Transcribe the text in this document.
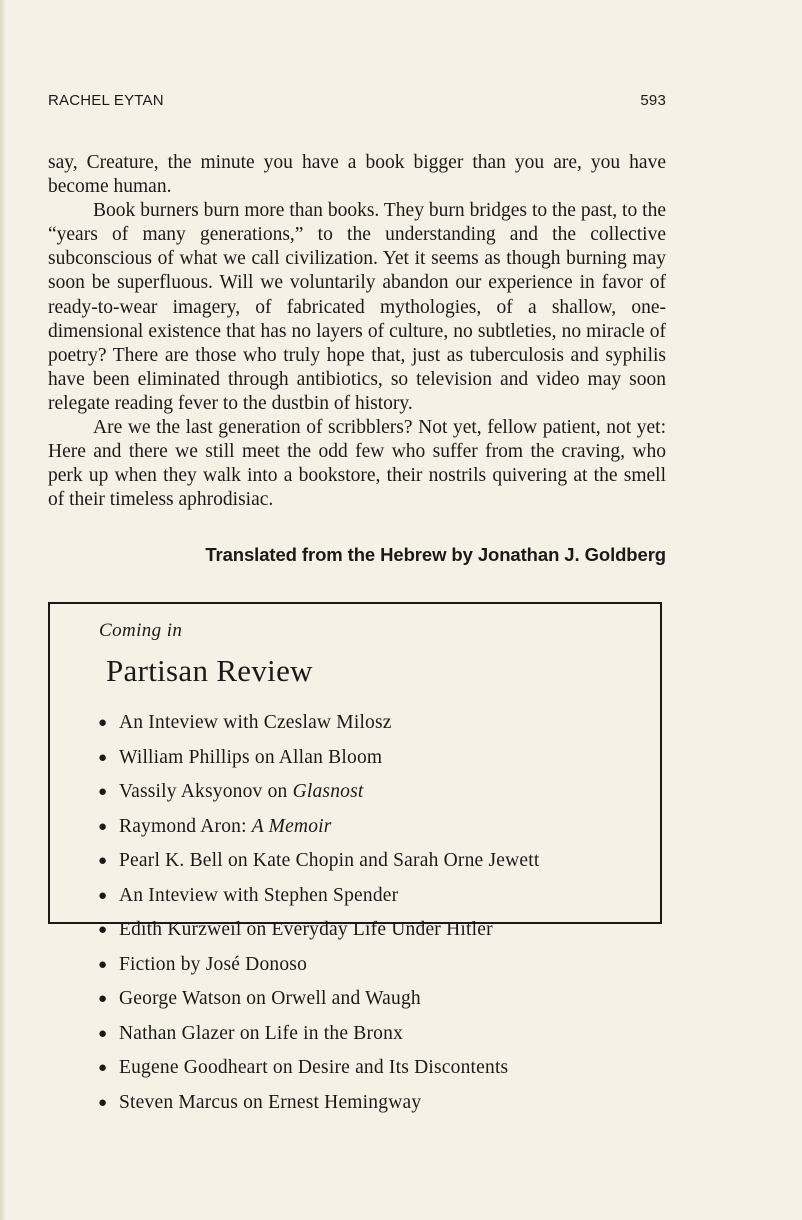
RACHEL EYTAN	593

say, Creature, the minute you have a book bigger than you are, you have become human.

Book burners burn more than books. They burn bridges to the past, to the “years of many generations,” to the understanding and the collective subconscious of what we call civilization. Yet it seems as though burning may soon be superfluous. Will we voluntarily abandon our experience in favor of ready-to-wear imagery, of fabricated mythologies, of a shallow, one-dimensional existence that has no layers of culture, no subtleties, no miracle of poetry? There are those who truly hope that, just as tuberculosis and syphilis have been eliminated through antibiotics, so television and video may soon relegate reading fever to the dustbin of history.

Are we the last generation of scribblers? Not yet, fellow patient, not yet: Here and there we still meet the odd few who suffer from the craving, who perk up when they walk into a bookstore, their nostrils quivering at the smell of their timeless aphrodisiac.

Translated from the Hebrew by Jonathan J. Goldberg
Coming in
Partisan Review
● An Inteview with Czeslaw Milosz
● William Phillips on Allan Bloom
● Vassily Aksyonov on Glasnost
● Raymond Aron: A Memoir
● Pearl K. Bell on Kate Chopin and Sarah Orne Jewett
● An Inteview with Stephen Spender
● Edith Kurzweil on Everyday Life Under Hitler
● Fiction by José Donoso
● George Watson on Orwell and Waugh
● Nathan Glazer on Life in the Bronx
● Eugene Goodheart on Desire and Its Discontents
● Steven Marcus on Ernest Hemingway
